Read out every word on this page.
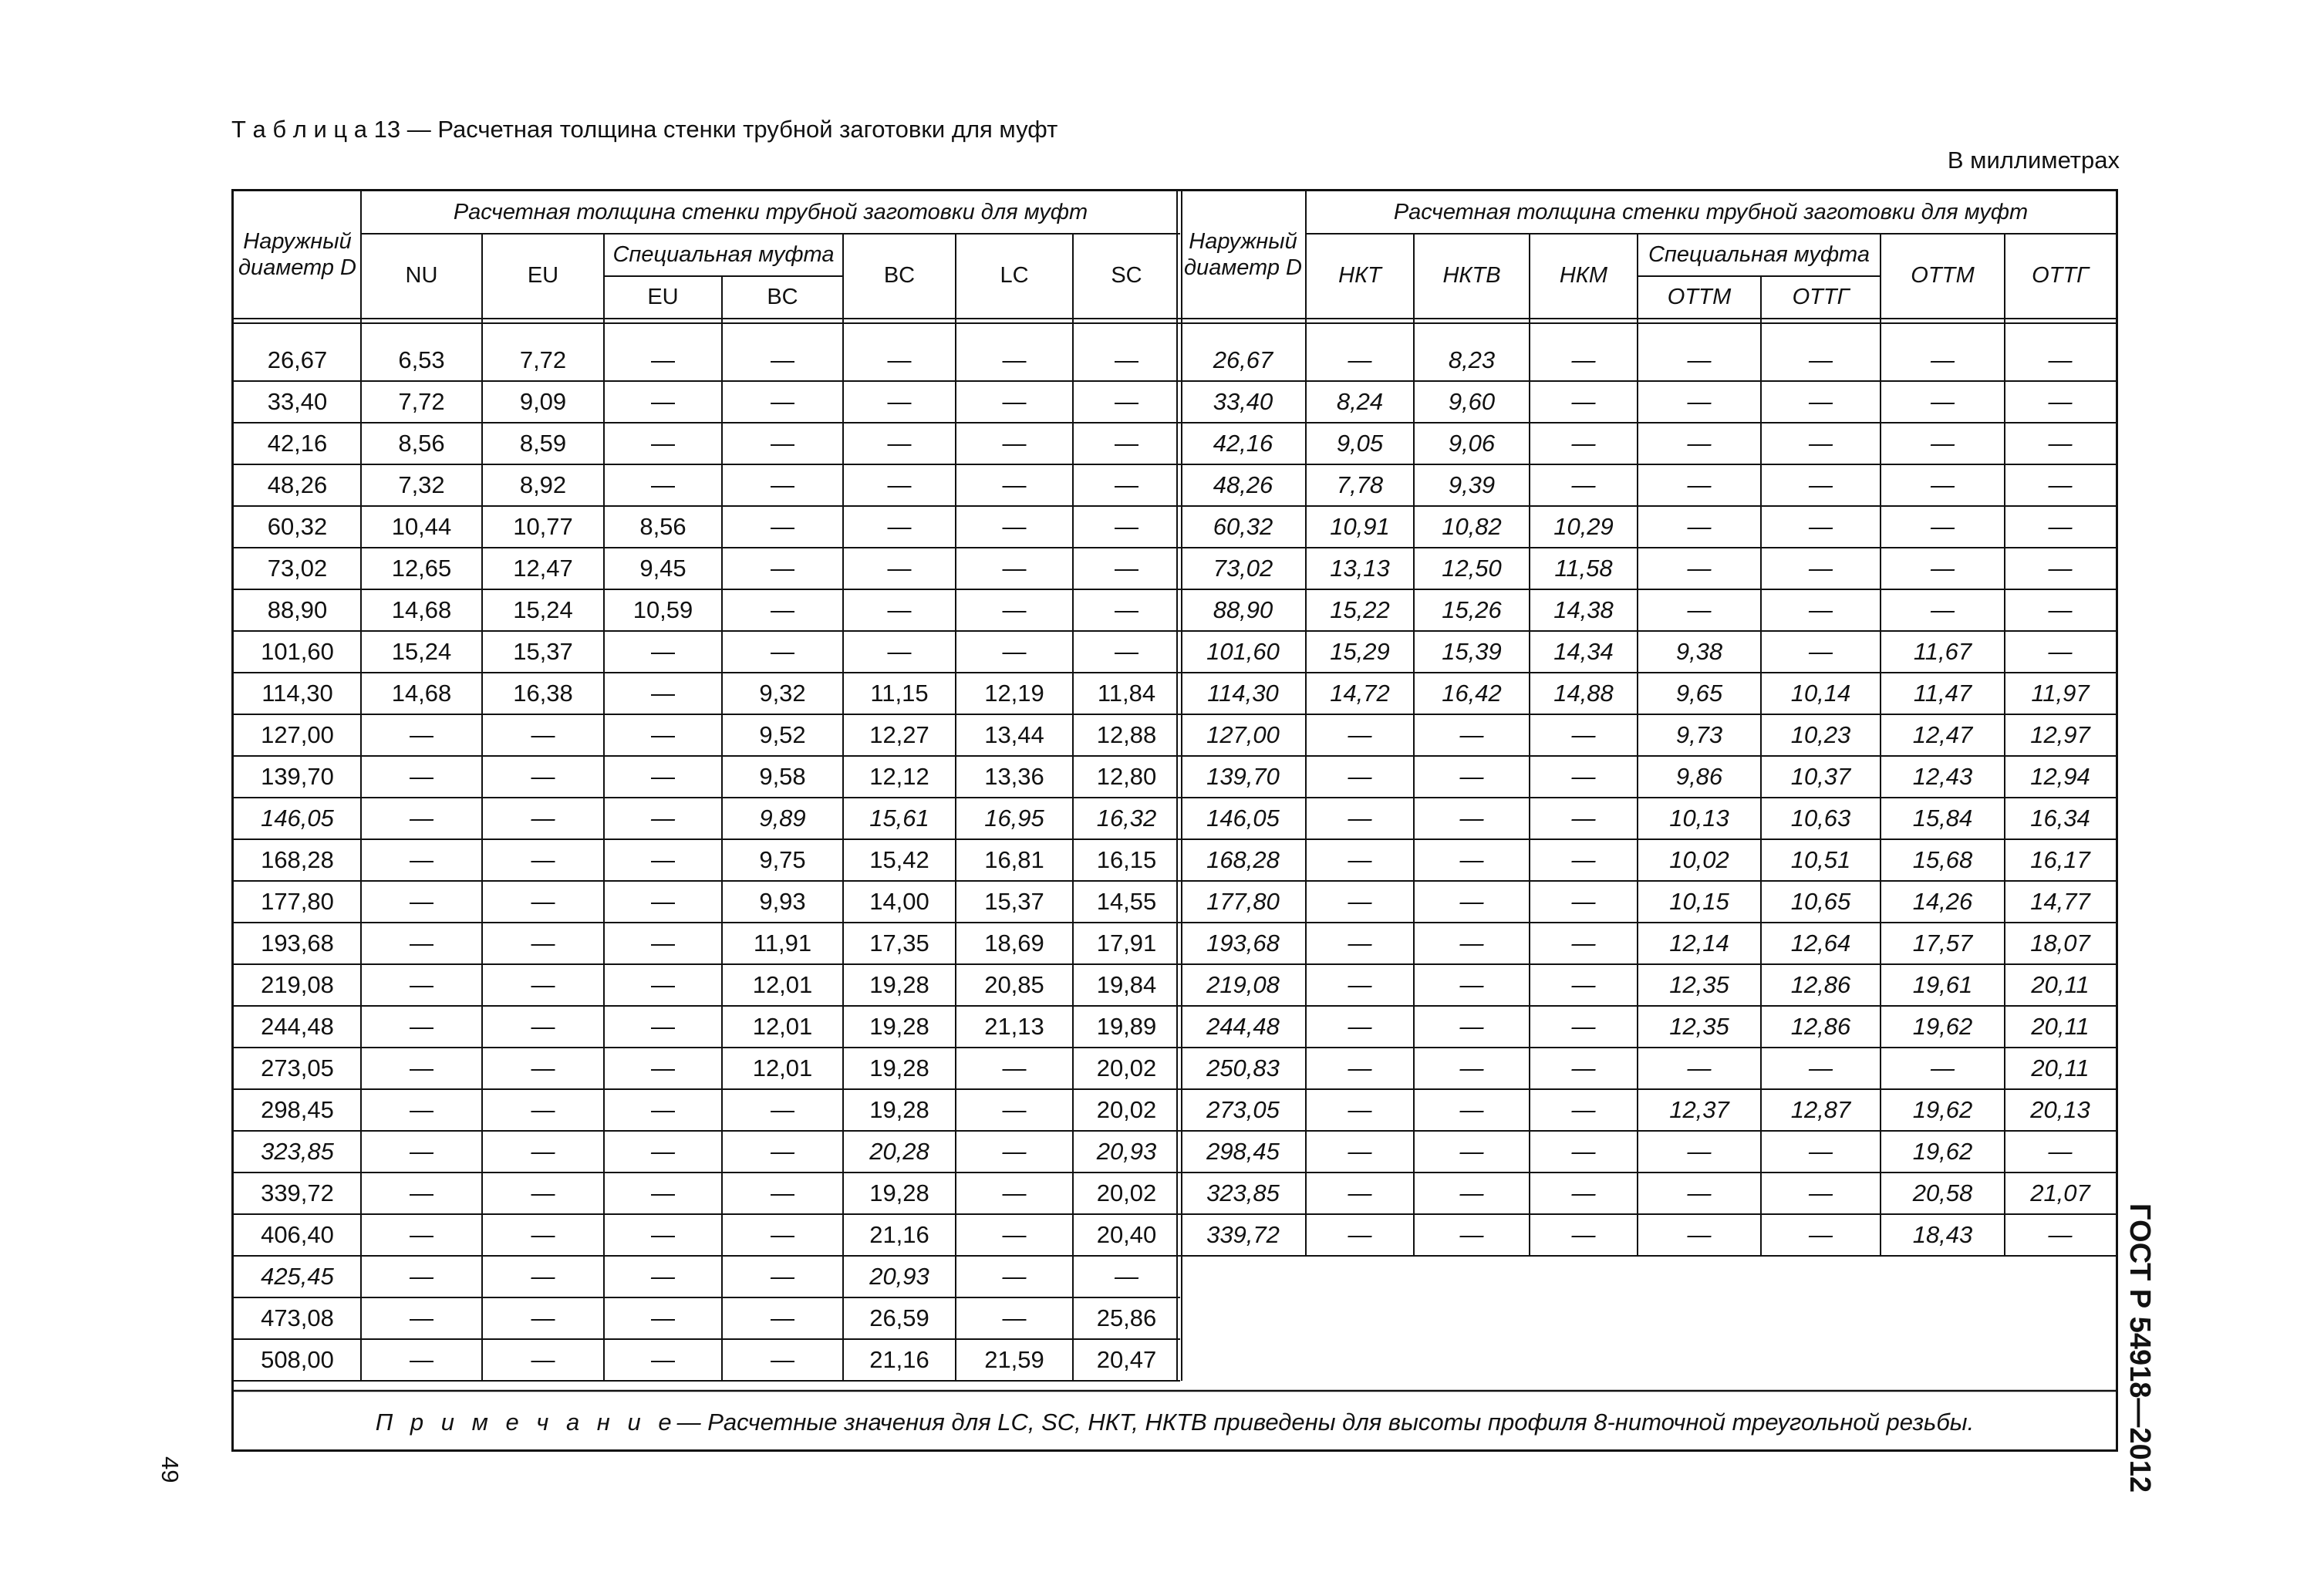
Т а б л и ц а 13 — Расчетная толщина стенки трубной заготовки для муфт
В миллиметрах
П р и м е ч а н и е — Расчетные значения для LC, SC, НКТ, НКТВ приведены для высоты профиля 8-ниточной треугольной резьбы.
Наружный диаметр D
Расчетная толщина стенки трубной заготовки для муфт
NU	EU
Специальная муфта
EU	BC
BC	LC	SC
Наружный диаметр D
Расчетная толщина стенки трубной заготовки для муфт
НКТ	НКТВ	НКМ
Специальная муфта
ОТТМ	ОТТГ
ОТТМ	ОТТГ
26,67	6,53	7,72	—	—	—	—	—
33,40	7,72	9,09	—	—	—	—	—
42,16	8,56	8,59	—	—	—	—	—
48,26	7,32	8,92	—	—	—	—	—
60,32	10,44	10,77	8,56	—	—	—	—
73,02	12,65	12,47	9,45	—	—	—	—
88,90	14,68	15,24	10,59	—	—	—	—
101,60	15,24	15,37	—	—	—	—	—
114,30	14,68	16,38	—	9,32	11,15	12,19	11,84
127,00	—	—	—	9,52	12,27	13,44	12,88
139,70	—	—	—	9,58	12,12	13,36	12,80
146,05	—	—	—	9,89	15,61	16,95	16,32
168,28	—	—	—	9,75	15,42	16,81	16,15
177,80	—	—	—	9,93	14,00	15,37	14,55
193,68	—	—	—	11,91	17,35	18,69	17,91
219,08	—	—	—	12,01	19,28	20,85	19,84
244,48	—	—	—	12,01	19,28	21,13	19,89
273,05	—	—	—	12,01	19,28	—	20,02
298,45	—	—	—	—	19,28	—	20,02
323,85	—	—	—	—	20,28	—	20,93
339,72	—	—	—	—	19,28	—	20,02
406,40	—	—	—	—	21,16	—	20,40
425,45	—	—	—	—	20,93	—	—
473,08	—	—	—	—	26,59	—	25,86
508,00	—	—	—	—	21,16	21,59	20,47
26,67	—	8,23	—	—	—	—	—
33,40	8,24	9,60	—	—	—	—	—
42,16	9,05	9,06	—	—	—	—	—
48,26	7,78	9,39	—	—	—	—	—
60,32	10,91	10,82	10,29	—	—	—	—
73,02	13,13	12,50	11,58	—	—	—	—
88,90	15,22	15,26	14,38	—	—	—	—
101,60	15,29	15,39	14,34	9,38	—	11,67	—
114,30	14,72	16,42	14,88	9,65	10,14	11,47	11,97
127,00	—	—	—	9,73	10,23	12,47	12,97
139,70	—	—	—	9,86	10,37	12,43	12,94
146,05	—	—	—	10,13	10,63	15,84	16,34
168,28	—	—	—	10,02	10,51	15,68	16,17
177,80	—	—	—	10,15	10,65	14,26	14,77
193,68	—	—	—	12,14	12,64	17,57	18,07
219,08	—	—	—	12,35	12,86	19,61	20,11
244,48	—	—	—	12,35	12,86	19,62	20,11
250,83	—	—	—	—	—	—	20,11
273,05	—	—	—	12,37	12,87	19,62	20,13
298,45	—	—	—	—	—	19,62	—
323,85	—	—	—	—	—	20,58	21,07
339,72	—	—	—	—	—	18,43	—	ГОСТ Р 54918—2012
49
